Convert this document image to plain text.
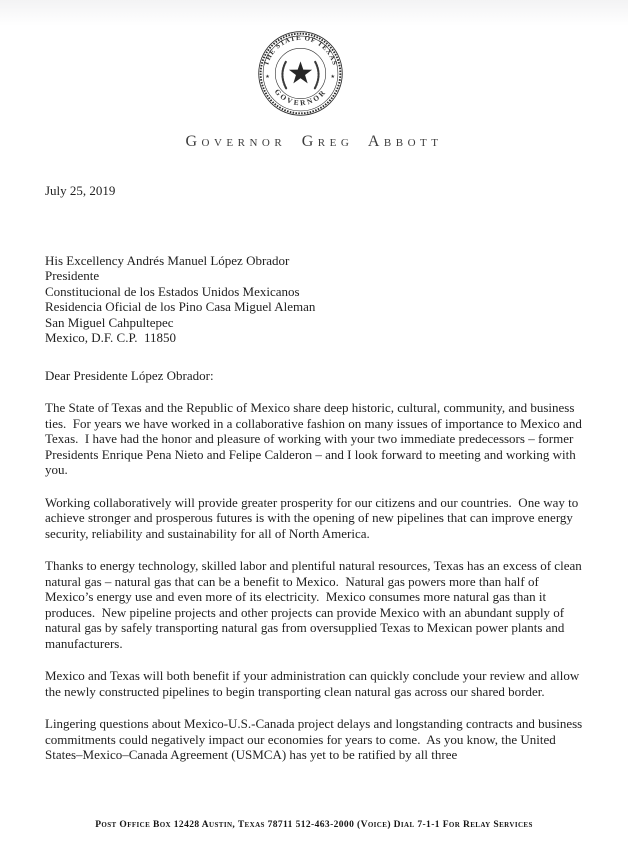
THE STATE OF TEXAS
GOVERNOR
★	★
Governor Greg Abbott
July 25, 2019
His Excellency Andrés Manuel López Obrador
Presidente
Constitucional de los Estados Unidos Mexicanos
Residencia Oficial de los Pino Casa Miguel Aleman
San Miguel Cahpultepec
Mexico, D.F. C.P.  11850
Dear Presidente López Obrador:

The State of Texas and the Republic of Mexico share deep historic, cultural, community, and business ties.  For years we have worked in a collaborative fashion on many issues of importance to Mexico and Texas.  I have had the honor and pleasure of working with your two immediate predecessors – former Presidents Enrique Pena Nieto and Felipe Calderon – and I look forward to meeting and working with you.

Working collaboratively will provide greater prosperity for our citizens and our countries.  One way to achieve stronger and prosperous futures is with the opening of new pipelines that can improve energy security, reliability and sustainability for all of North America.

Thanks to energy technology, skilled labor and plentiful natural resources, Texas has an excess of clean natural gas – natural gas that can be a benefit to Mexico.  Natural gas powers more than half of Mexico’s energy use and even more of its electricity.  Mexico consumes more natural gas than it produces.  New pipeline projects and other projects can provide Mexico with an abundant supply of natural gas by safely transporting natural gas from oversupplied Texas to Mexican power plants and manufacturers.

Mexico and Texas will both benefit if your administration can quickly conclude your review and allow the newly constructed pipelines to begin transporting clean natural gas across our shared border.

Lingering questions about Mexico-U.S.-Canada project delays and longstanding contracts and business commitments could negatively impact our economies for years to come.  As you know, the United States–Mexico–Canada Agreement (USMCA) has yet to be ratified by all three

Post Office Box 12428 Austin, Texas 78711 512-463-2000 (Voice) Dial 7-1-1 For Relay Services
